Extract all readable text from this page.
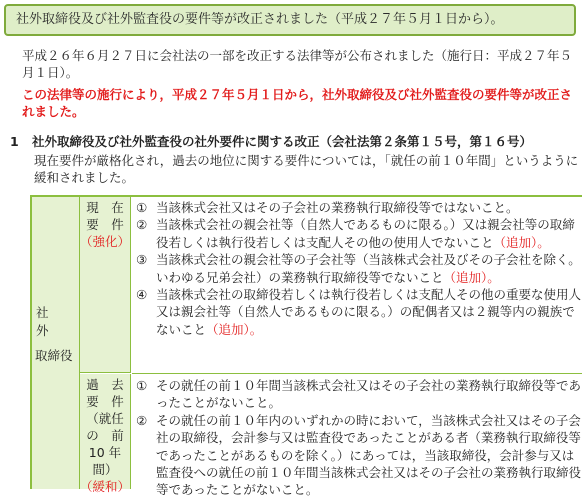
社外取締役及び社外監査役の要件等が改正されました（平成２７年５月１日から）。
平成２６年６月２７日に会社法の一部を改正する法律等が公布されました（施行日：平成２７年５月１日）。
この法律等の施行により，平成２７年５月１日から，社外取締役及び社外監査役の要件等が改正されました。
1 社外取締役及び社外監査役の社外要件に関する改正（会社法第２条第１５号，第１６号）
現在要件が厳格化され，過去の地位に関する要件については，「就任の前１０年間」というように緩和されました。
社 外
取締役
現　在
要　件
（強化）
過　去
要　件
（就任
の　前
10 年
間）
（緩和）
① 当該株式会社又はその子会社の業務執行取締役等ではないこと。
② 当該株式会社の親会社等（自然人であるものに限る。）又は親会社等の取締役若しくは執行役若しくは支配人その他の使用人でないこと（追加）。
③ 当該株式会社の親会社等の子会社等（当該株式会社及びその子会社を除く。いわゆる兄弟会社）の業務執行取締役等でないこと（追加）。
④ 当該株式会社の取締役若しくは執行役若しくは支配人その他の重要な使用人又は親会社等（自然人であるものに限る。）の配偶者又は２親等内の親族でないこと（追加）。
① その就任の前１０年間当該株式会社又はその子会社の業務執行取締役等であったことがないこと。
② その就任の前１０年内のいずれかの時において，当該株式会社又はその子会社の取締役，会計参与又は監査役であったことがある者（業務執行取締役等であったことがあるものを除く。）にあっては，当該取締役，会計参与又は監査役への就任の前１０年間当該株式会社又はその子会社の業務執行取締役等であったことがないこと。
